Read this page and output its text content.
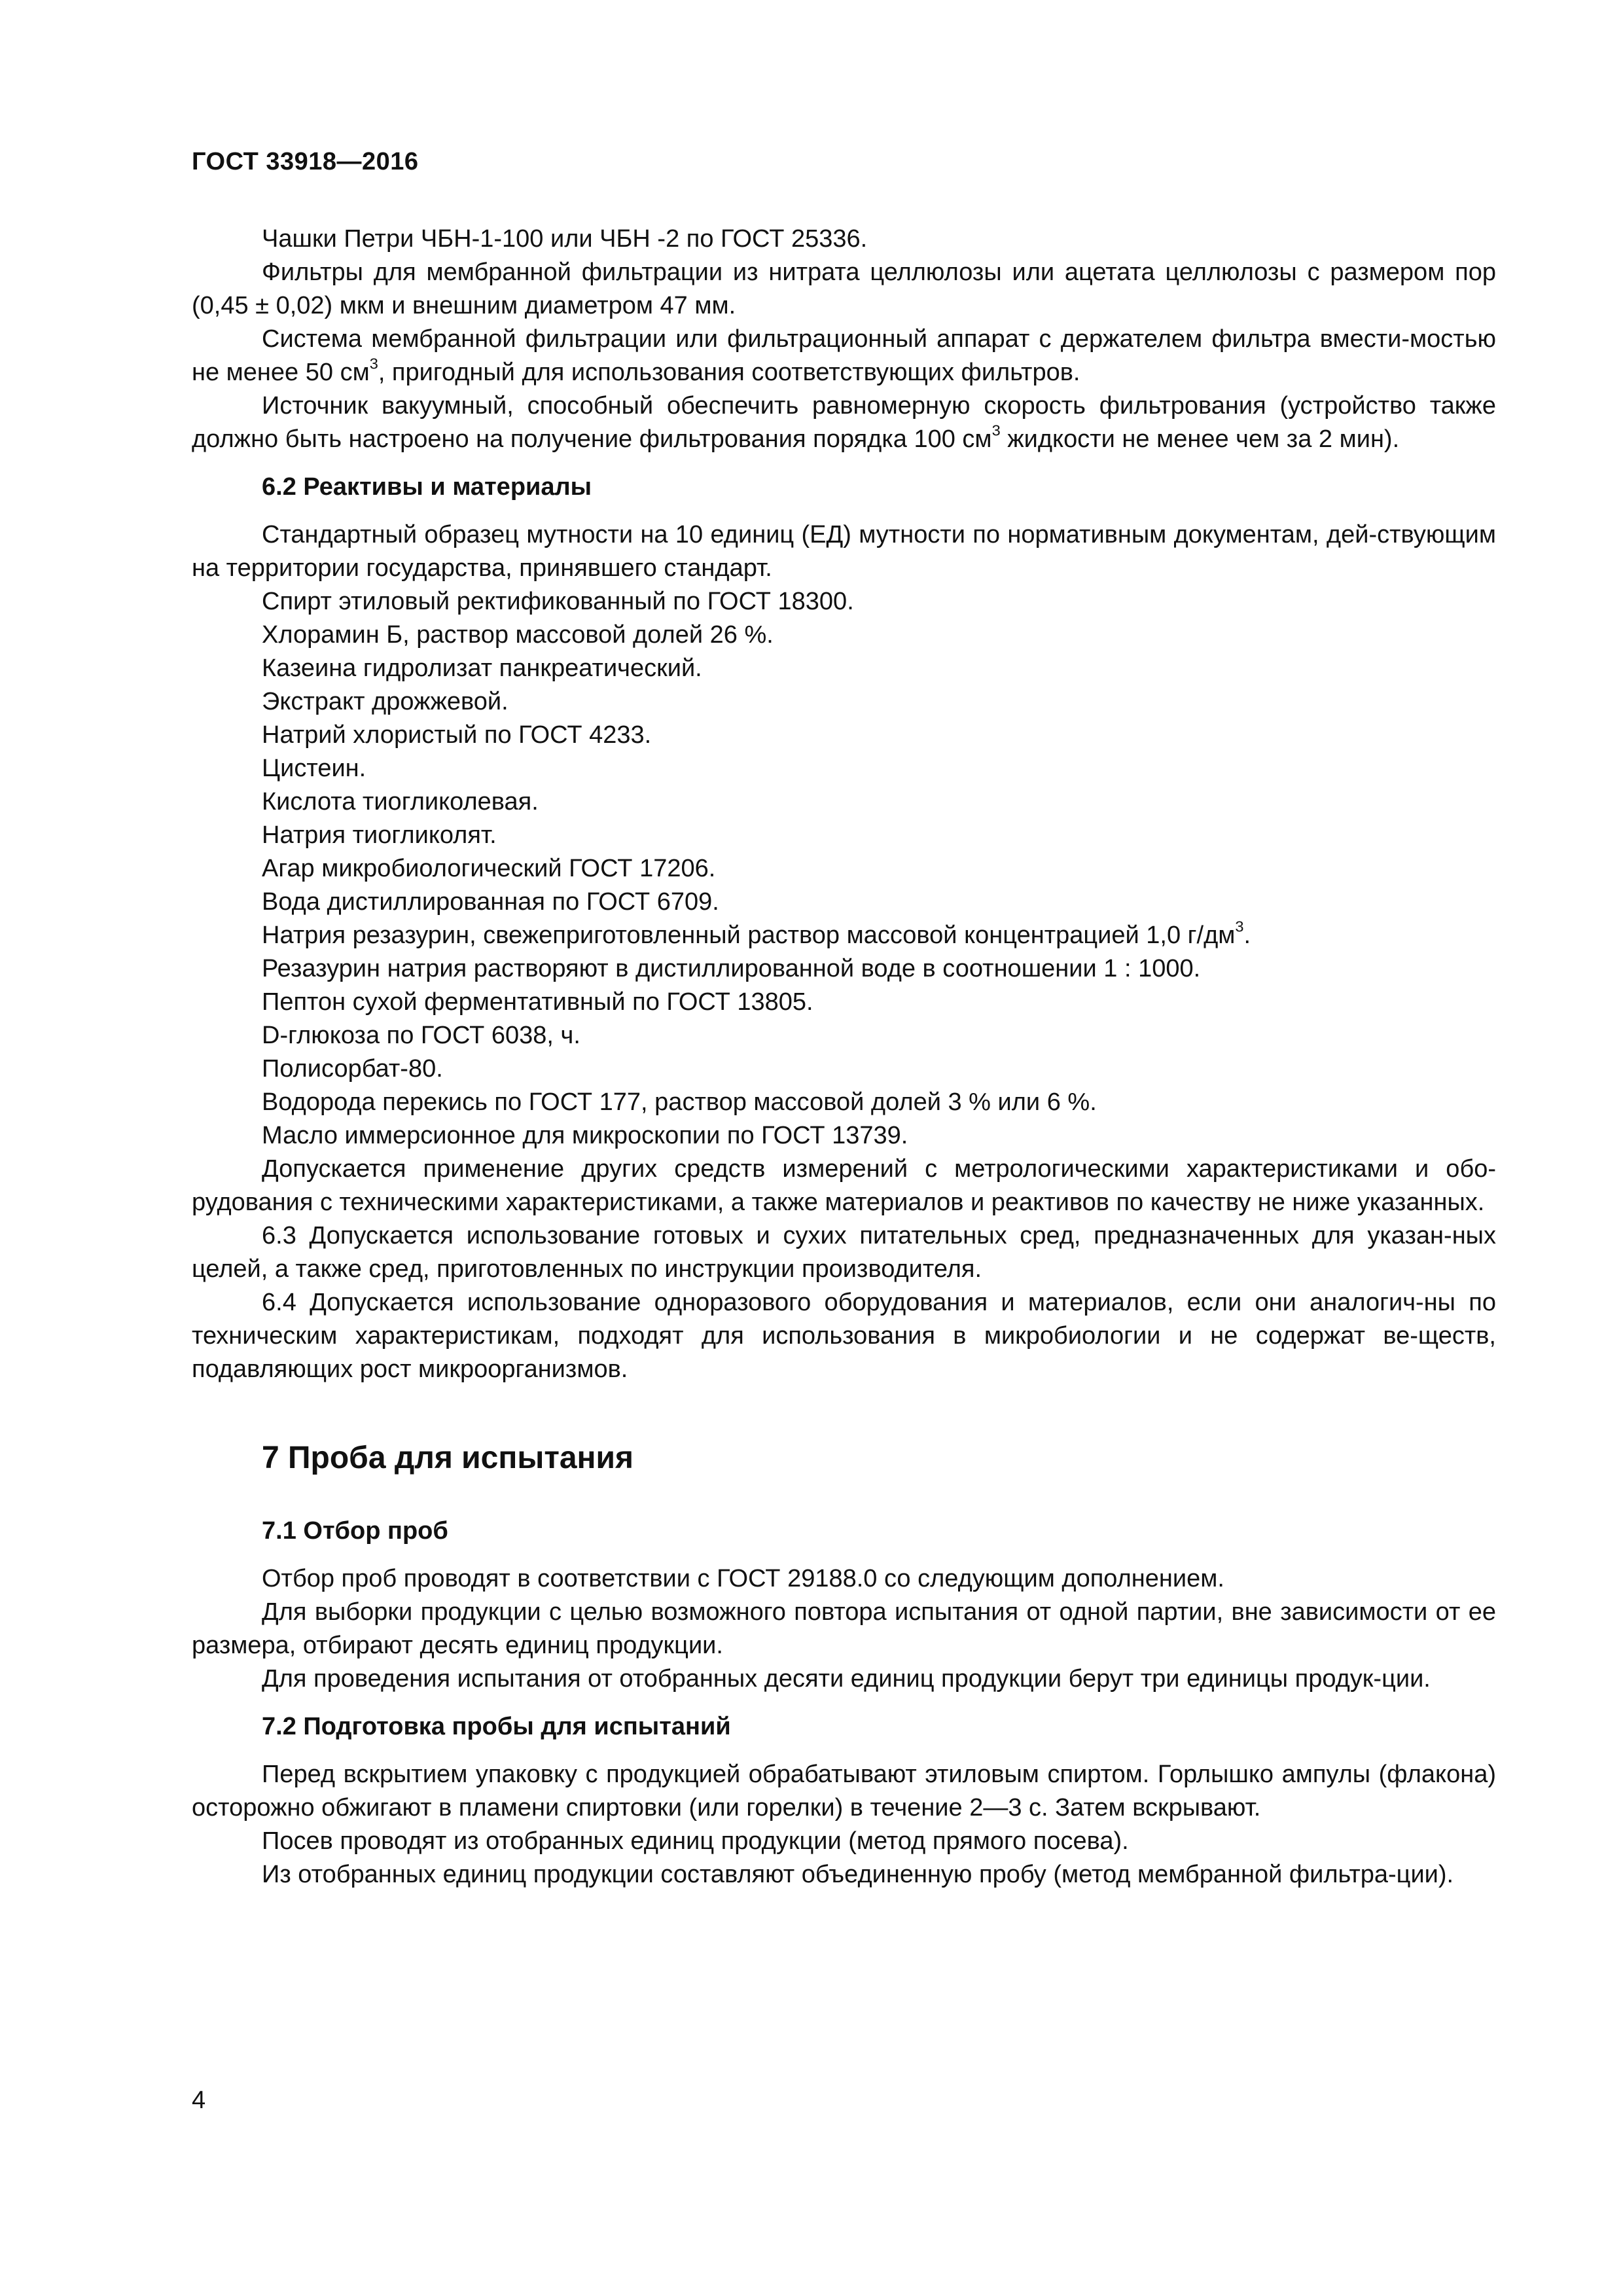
ГОСТ 33918—2016

Чашки Петри ЧБН-1-100 или ЧБН -2 по ГОСТ 25336.

Фильтры для мембранной фильтрации из нитрата целлюлозы или ацетата целлюлозы с размером пор (0,45 ± 0,02) мкм и внешним диаметром 47 мм.

Система мембранной фильтрации или фильтрационный аппарат с держателем фильтра вмести-мостью не менее 50 $см^3$, пригодный для использования соответствующих фильтров.

Источник вакуумный, способный обеспечить равномерную скорость фильтрования (устройство также должно быть настроено на получение фильтрования порядка 100 $см^3$ жидкости не менее чем за 2 мин).

6.2 Реактивы и материалы

Стандартный образец мутности на 10 единиц (ЕД) мутности по нормативным документам, дей-ствующим на территории государства, принявшего стандарт.

Спирт этиловый ректификованный по ГОСТ 18300.

Хлорамин Б, раствор массовой долей 26 %.

Казеина гидролизат панкреатический.

Экстракт дрожжевой.

Натрий хлористый по ГОСТ 4233.

Цистеин.

Кислота тиогликолевая.

Натрия тиогликолят.

Агар микробиологический ГОСТ 17206.

Вода дистиллированная по ГОСТ 6709.

Натрия резазурин, свежеприготовленный раствор массовой концентрацией 1,0 $г/дм^3$.

Резазурин натрия растворяют в дистиллированной воде в соотношении 1 : 1000.

Пептон сухой ферментативный по ГОСТ 13805.

D-глюкоза по ГОСТ 6038, ч.

Полисорбат-80.

Водорода перекись по ГОСТ 177, раствор массовой долей 3 % или 6 %.

Масло иммерсионное для микроскопии по ГОСТ 13739.

Допускается применение других средств измерений с метрологическими характеристиками и обо-рудования с техническими характеристиками, а также материалов и реактивов по качеству не ниже указанных.

6.3 Допускается использование готовых и сухих питательных сред, предназначенных для указан-ных целей, а также сред, приготовленных по инструкции производителя.

6.4 Допускается использование одноразового оборудования и материалов, если они аналогич-ны по техническим характеристикам, подходят для использования в микробиологии и не содержат ве-ществ, подавляющих рост микроорганизмов.

7 Проба для испытания
7.1 Отбор проб

Отбор проб проводят в соответствии с ГОСТ 29188.0 со следующим дополнением.

Для выборки продукции с целью возможного повтора испытания от одной партии, вне зависимости от ее размера, отбирают десять единиц продукции.

Для проведения испытания от отобранных десяти единиц продукции берут три единицы продук-ции.

7.2 Подготовка пробы для испытаний

Перед вскрытием упаковку с продукцией обрабатывают этиловым спиртом. Горлышко ампулы (флакона) осторожно обжигают в пламени спиртовки (или горелки) в течение 2—3 с. Затем вскрывают.

Посев проводят из отобранных единиц продукции (метод прямого посева).

Из отобранных единиц продукции составляют объединенную пробу (метод мембранной фильтра-ции).

4
